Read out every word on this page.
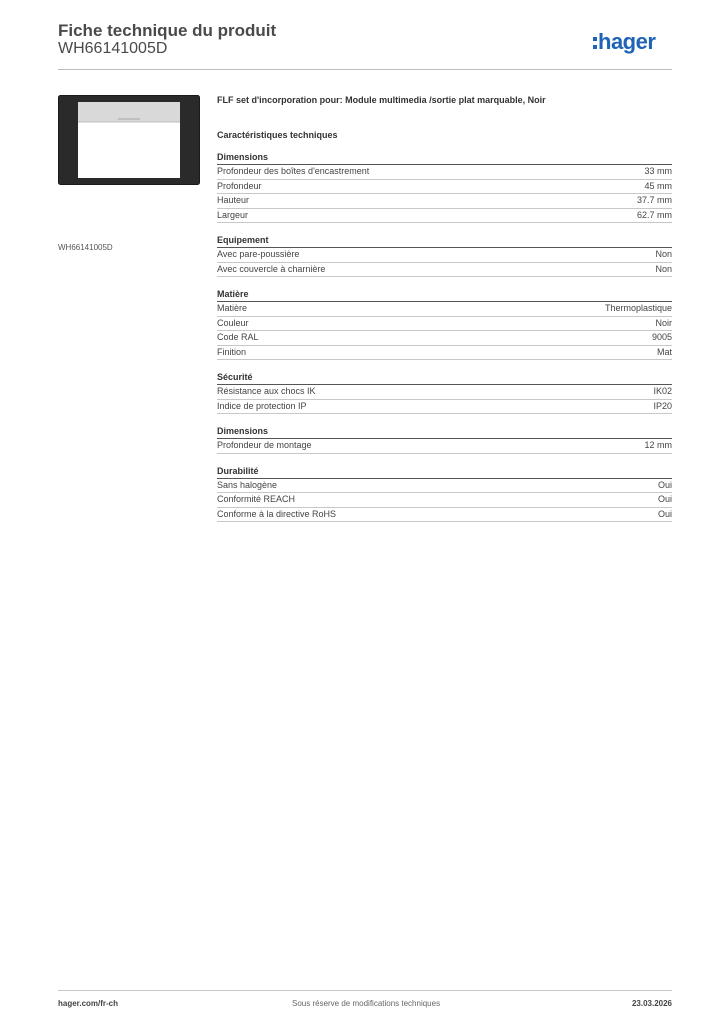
Fiche technique du produit
WH66141005D	hager
WH66141005D
FLF set d'incorporation pour: Module multimedia /sortie plat marquable, Noir
Caractéristiques techniques
Dimensions
Profondeur des boîtes d'encastrement	33 mm
Profondeur	45 mm
Hauteur	37.7 mm
Largeur	62.7 mm
Equipement
Avec pare-poussière	Non
Avec couvercle à charnière	Non
Matière
Matière	Thermoplastique
Couleur	Noir
Code RAL	9005
Finition	Mat
Sécurité
Résistance aux chocs IK	IK02
Indice de protection IP	IP20
Dimensions
Profondeur de montage	12 mm
Durabilité
Sans halogène	Oui
Conformité REACH	Oui
Conforme à la directive RoHS	Oui
hager.com/fr-ch	Sous réserve de modifications techniques	23.03.2026
